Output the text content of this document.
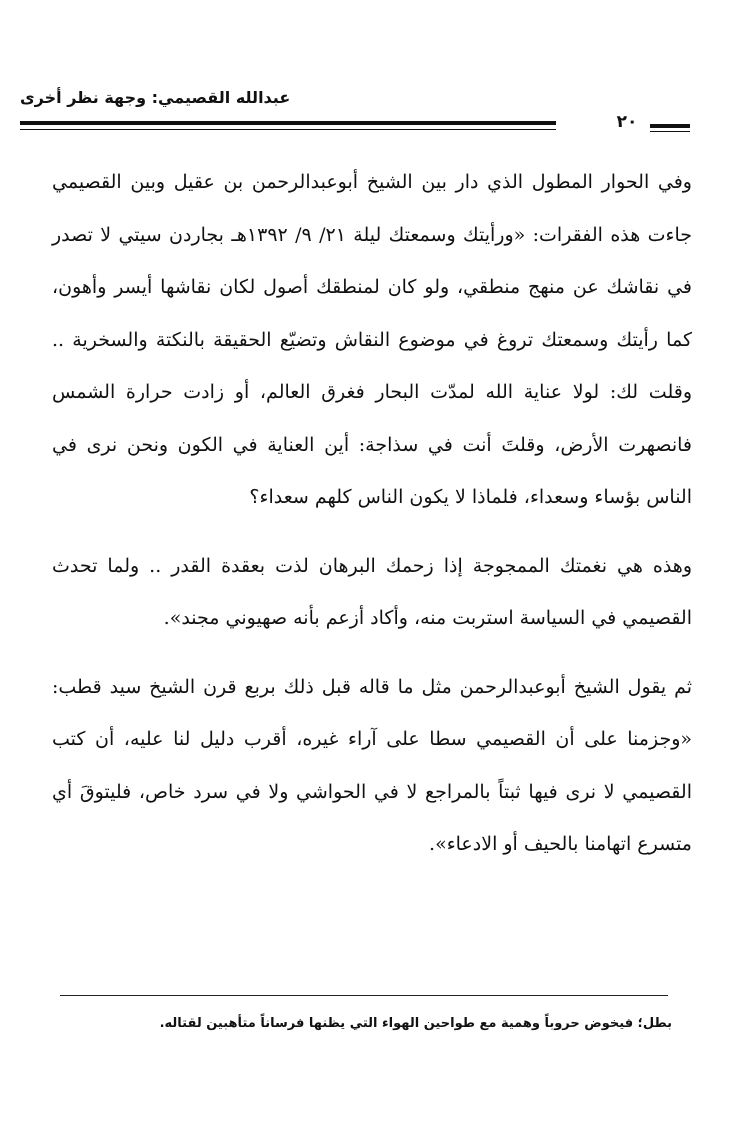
عبدالله القصيمي: وجهة نظر أخرى
٢٠

وفي الحوار المطول الذي دار بين الشيخ أبوعبدالرحمن بن عقيل وبين القصيمي جاءت هذه الفقرات: «ورأيتك وسمعتك ليلة ٢١/ ٩/ ١٣٩٢هـ بجاردن سيتي لا تصدر في نقاشك عن منهج منطقي، ولو كان لمنطقك أصول لكان نقاشها أيسر وأهون، كما رأيتك وسمعتك تروغ في موضوع النقاش وتضيّع الحقيقة بالنكتة والسخرية .. وقلت لك: لولا عناية الله لمدّت البحار فغرق العالم، أو زادت حرارة الشمس فانصهرت الأرض، وقلتَ أنت في سذاجة: أين العناية في الكون ونحن نرى في الناس بؤساء وسعداء، فلماذا لا يكون الناس كلهم سعداء؟

وهذه هي نغمتك الممجوجة إذا زحمك البرهان لذت بعقدة القدر .. ولما تحدث القصيمي في السياسة استربت منه، وأكاد أزعم بأنه صهيوني مجند».

ثم يقول الشيخ أبوعبدالرحمن مثل ما قاله قبل ذلك بربع قرن الشيخ سيد قطب: «وجزمنا على أن القصيمي سطا على آراء غيره، أقرب دليل لنا عليه، أن كتب القصيمي لا نرى فيها ثبتاً بالمراجع لا في الحواشي ولا في سرد خاص، فليتوقَ أي متسرع اتهامنا بالحيف أو الادعاء».

بطل؛ فيخوض حروباً وهمية مع طواحين الهواء التي يظنها فرساناً متأهبين لقتاله.
